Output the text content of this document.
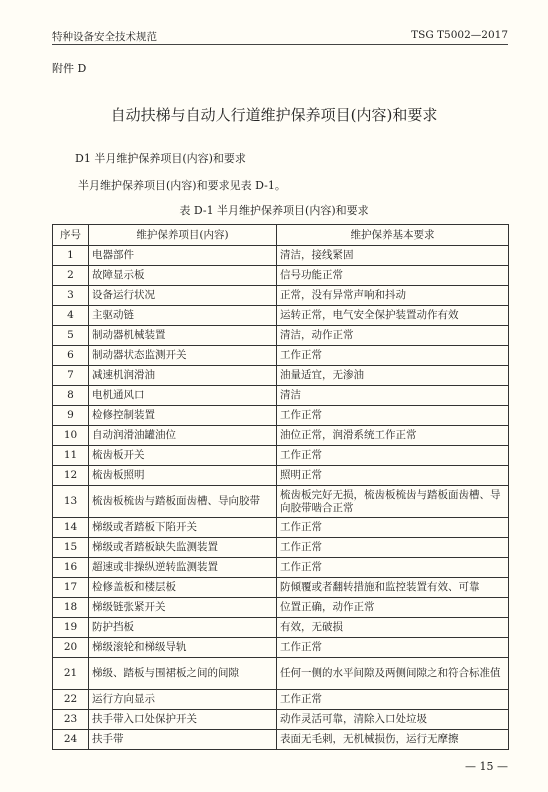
特种设备安全技术规范	TSG T5002—2017
附件 D
自动扶梯与自动人行道维护保养项目(内容)和要求
D1 半月维护保养项目(内容)和要求
半月维护保养项目(内容)和要求见表 D-1。
表 D-1 半月维护保养项目(内容)和要求
序号	维护保养项目(内容)	维护保养基本要求
1	电器部件	清洁，接线紧固
2	故障显示板	信号功能正常
3	设备运行状况	正常，没有异常声响和抖动
4	主驱动链	运转正常，电气安全保护装置动作有效
5	制动器机械装置	清洁，动作正常
6	制动器状态监测开关	工作正常
7	减速机润滑油	油量适宜，无渗油
8	电机通风口	清洁
9	检修控制装置	工作正常
10	自动润滑油罐油位	油位正常，润滑系统工作正常
11	梳齿板开关	工作正常
12	梳齿板照明	照明正常
13	梳齿板梳齿与踏板面齿槽、导向胶带	梳齿板完好无损，梳齿板梳齿与踏板面齿槽、导向胶带啮合正常
14	梯级或者踏板下陷开关	工作正常
15	梯级或者踏板缺失监测装置	工作正常
16	超速或非操纵逆转监测装置	工作正常
17	检修盖板和楼层板	防倾覆或者翻转措施和监控装置有效、可靠
18	梯级链张紧开关	位置正确，动作正常
19	防护挡板	有效，无破损
20	梯级滚轮和梯级导轨	工作正常
21	梯级、踏板与围裙板之间的间隙	任何一侧的水平间隙及两侧间隙之和符合标准值
22	运行方向显示	工作正常
23	扶手带入口处保护开关	动作灵活可靠，清除入口处垃圾
24	扶手带	表面无毛刺，无机械损伤，运行无摩擦
— 15 —
